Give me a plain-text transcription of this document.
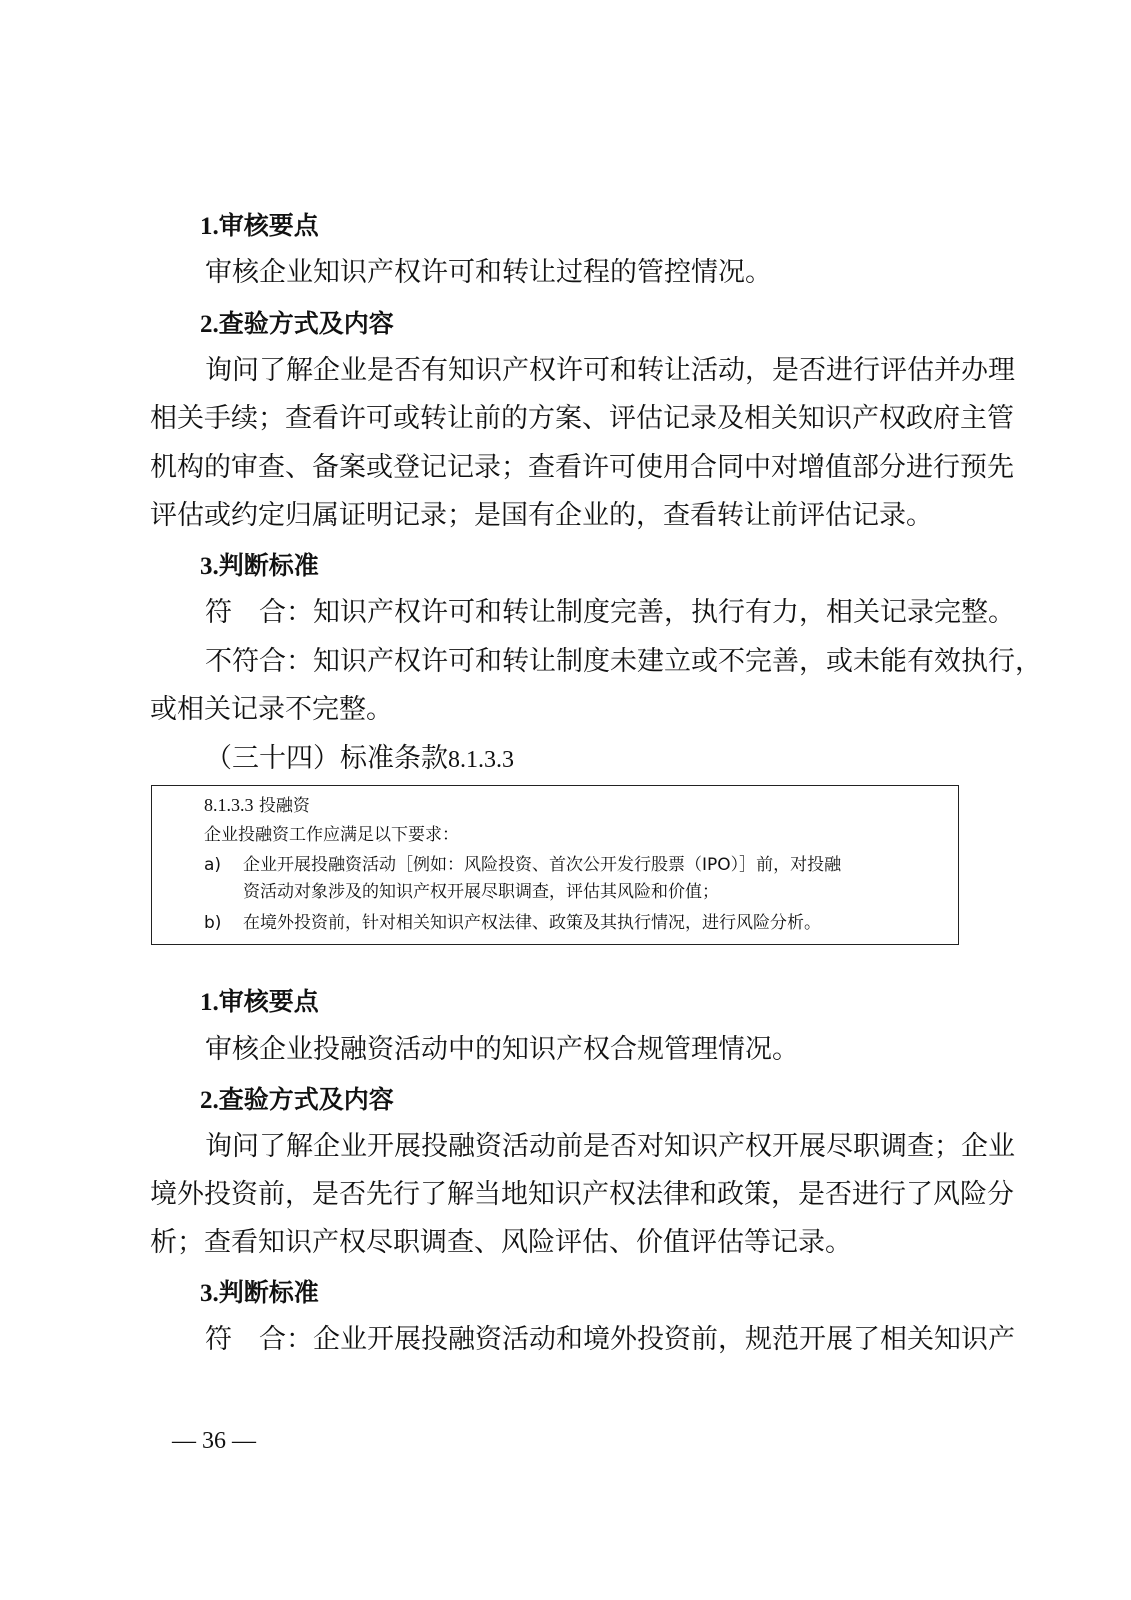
1.审核要点
审核企业知识产权许可和转让过程的管控情况。
2.查验方式及内容
询问了解企业是否有知识产权许可和转让活动，是否进行评估并办理
相关手续；查看许可或转让前的方案、评估记录及相关知识产权政府主管
机构的审查、备案或登记记录；查看许可使用合同中对增值部分进行预先
评估或约定归属证明记录；是国有企业的，查看转让前评估记录。
3.判断标准
符　合：知识产权许可和转让制度完善，执行有力，相关记录完整。
不符合：知识产权许可和转让制度未建立或不完善，或未能有效执行，
或相关记录不完整。
（三十四）标准条款8.1.3.3
8.1.3.3 投融资
企业投融资工作应满足以下要求：
a) 企业开展投融资活动［例如：风险投资、首次公开发行股票（IPO）］前，对投融
资活动对象涉及的知识产权开展尽职调查，评估其风险和价值；
b) 在境外投资前，针对相关知识产权法律、政策及其执行情况，进行风险分析。
1.审核要点
审核企业投融资活动中的知识产权合规管理情况。
2.查验方式及内容
询问了解企业开展投融资活动前是否对知识产权开展尽职调查；企业
境外投资前，是否先行了解当地知识产权法律和政策，是否进行了风险分
析；查看知识产权尽职调查、风险评估、价值评估等记录。
3.判断标准
符　合：企业开展投融资活动和境外投资前，规范开展了相关知识产
— 36 —
